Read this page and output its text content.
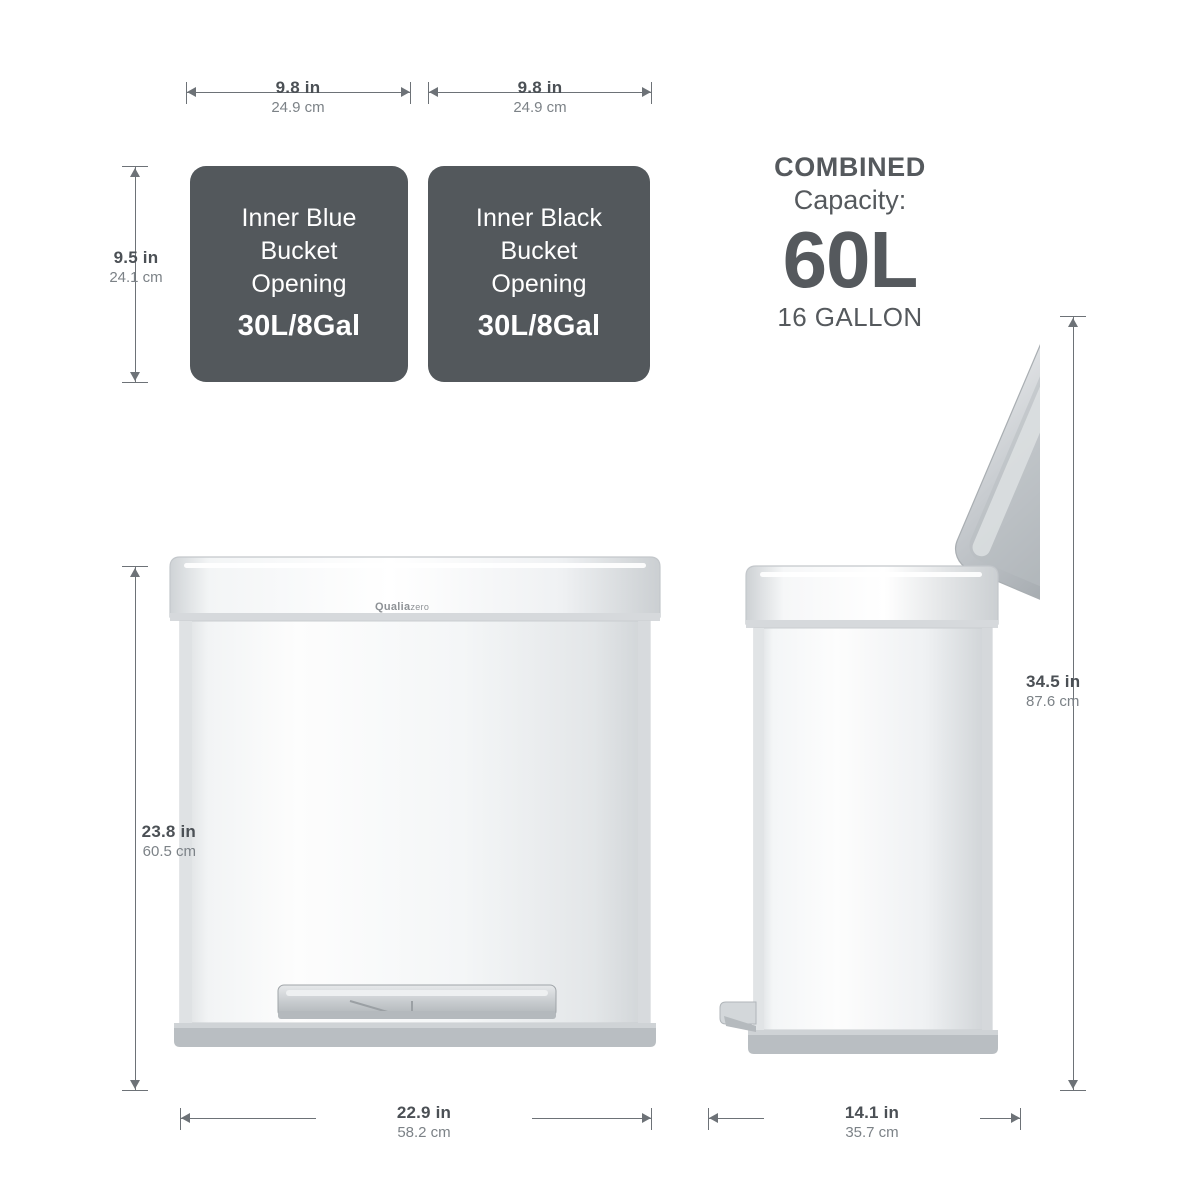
9.8 in
24.9 cm
9.8 in
24.9 cm
9.5 in
24.1 cm
Inner Blue
Bucket
Opening
30L/8Gal
Inner Black
Bucket
Opening
30L/8Gal
COMBINED
Capacity:
60L
16 GALLON
Qualiazero
34.5 in
87.6 cm
23.8 in
60.5 cm
22.9 in
58.2 cm
14.1 in
35.7 cm
